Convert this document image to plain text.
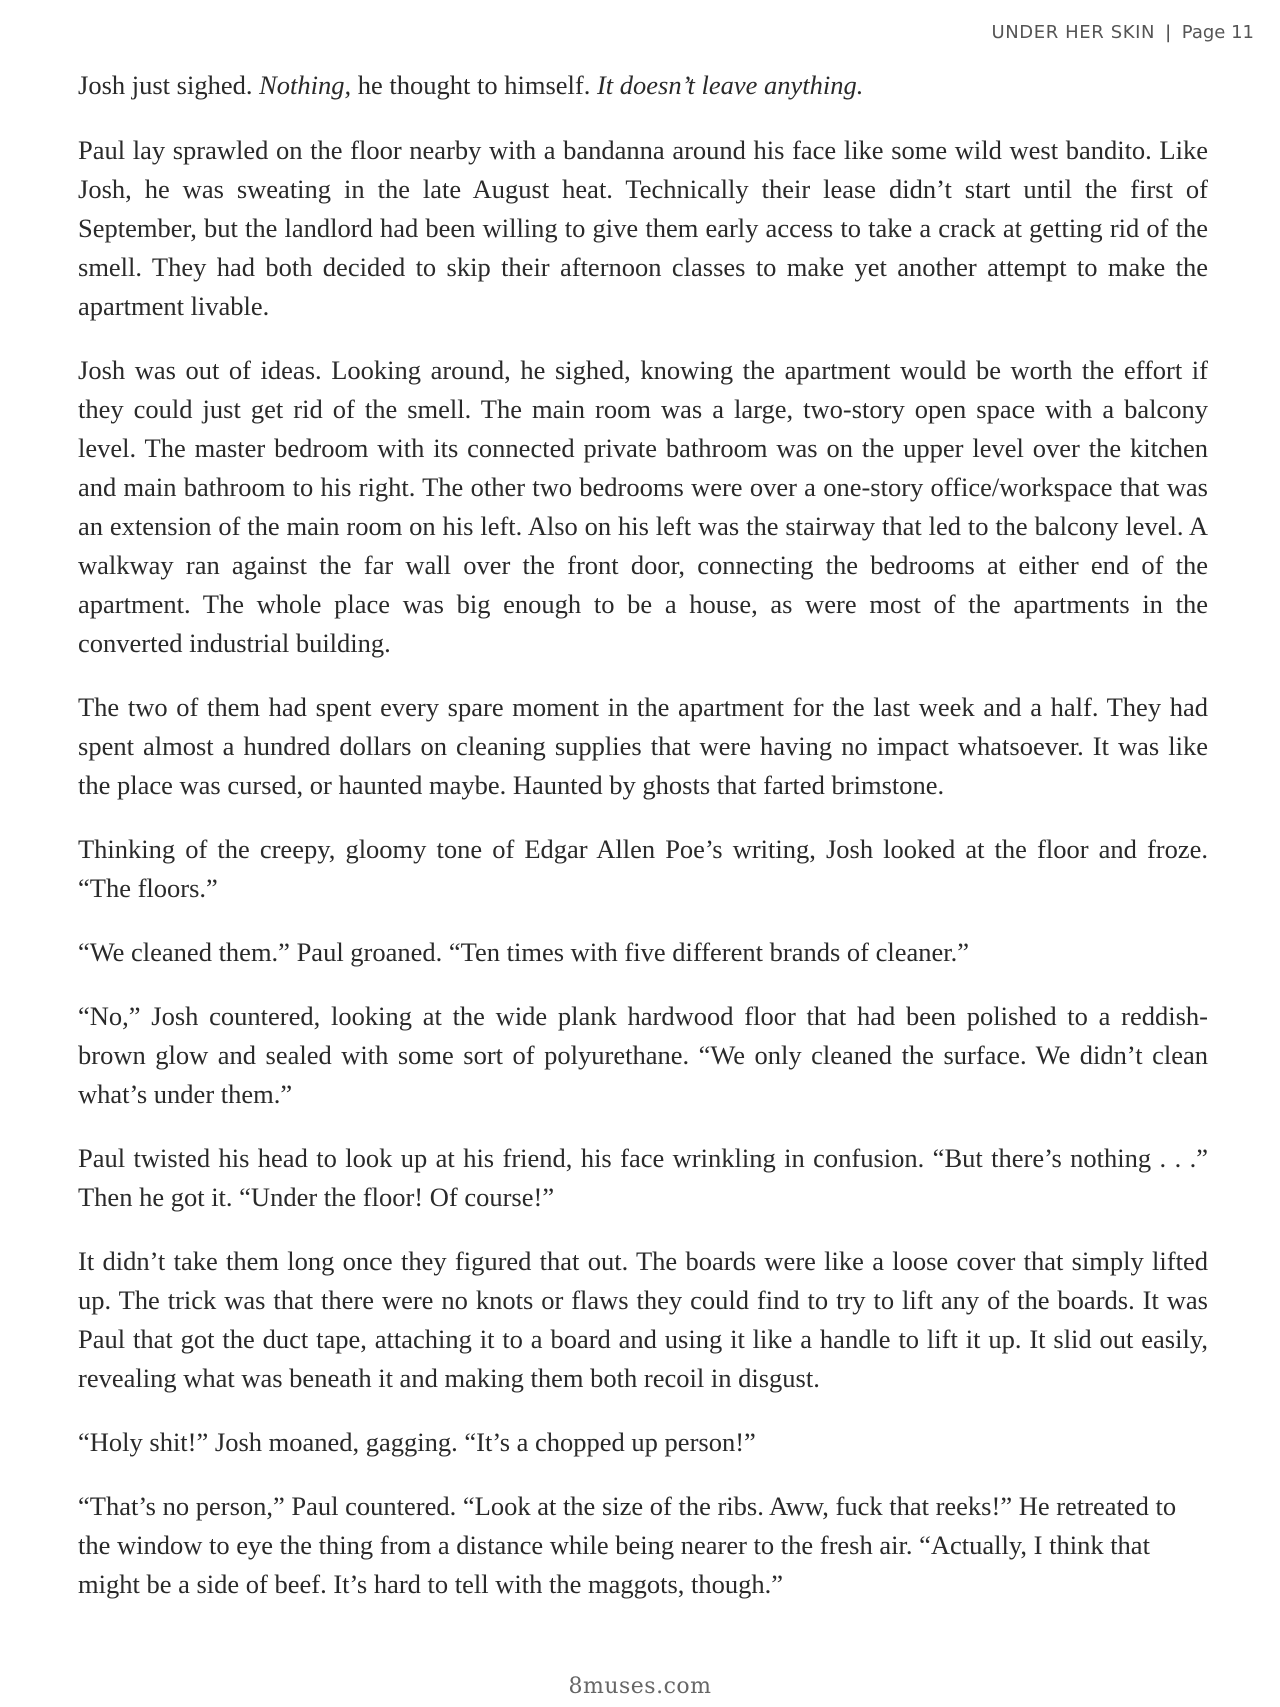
UNDER HER SKIN | Page 11

Josh just sighed. Nothing, he thought to himself. It doesn’t leave anything.

Paul lay sprawled on the floor nearby with a bandanna around his face like some wild west bandito. Like Josh, he was sweating in the late August heat. Technically their lease didn’t start until the first of September, but the landlord had been willing to give them early access to take a crack at getting rid of the smell. They had both decided to skip their afternoon classes to make yet another attempt to make the apartment livable.

Josh was out of ideas. Looking around, he sighed, knowing the apartment would be worth the effort if they could just get rid of the smell. The main room was a large, two-story open space with a balcony level. The master bedroom with its connected private bathroom was on the upper level over the kitchen and main bathroom to his right. The other two bedrooms were over a one-story office/workspace that was an extension of the main room on his left. Also on his left was the stairway that led to the balcony level. A walkway ran against the far wall over the front door, connecting the bedrooms at either end of the apartment. The whole place was big enough to be a house, as were most of the apartments in the converted industrial building.

The two of them had spent every spare moment in the apartment for the last week and a half. They had spent almost a hundred dollars on cleaning supplies that were having no impact whatsoever. It was like the place was cursed, or haunted maybe. Haunted by ghosts that farted brimstone.

Thinking of the creepy, gloomy tone of Edgar Allen Poe’s writing, Josh looked at the floor and froze. “The floors.”

“We cleaned them.” Paul groaned. “Ten times with five different brands of cleaner.”

“No,” Josh countered, looking at the wide plank hardwood floor that had been polished to a reddish-brown glow and sealed with some sort of polyurethane. “We only cleaned the surface. We didn’t clean what’s under them.”

Paul twisted his head to look up at his friend, his face wrinkling in confusion. “But there’s nothing . . .” Then he got it. “Under the floor! Of course!”

It didn’t take them long once they figured that out. The boards were like a loose cover that simply lifted up. The trick was that there were no knots or flaws they could find to try to lift any of the boards. It was Paul that got the duct tape, attaching it to a board and using it like a handle to lift it up. It slid out easily, revealing what was beneath it and making them both recoil in disgust.

“Holy shit!” Josh moaned, gagging. “It’s a chopped up person!”

“That’s no person,” Paul countered. “Look at the size of the ribs. Aww, fuck that reeks!” He retreated to the window to eye the thing from a distance while being nearer to the fresh air. “Actually, I think that might be a side of beef. It’s hard to tell with the maggots, though.”

8muses.com
